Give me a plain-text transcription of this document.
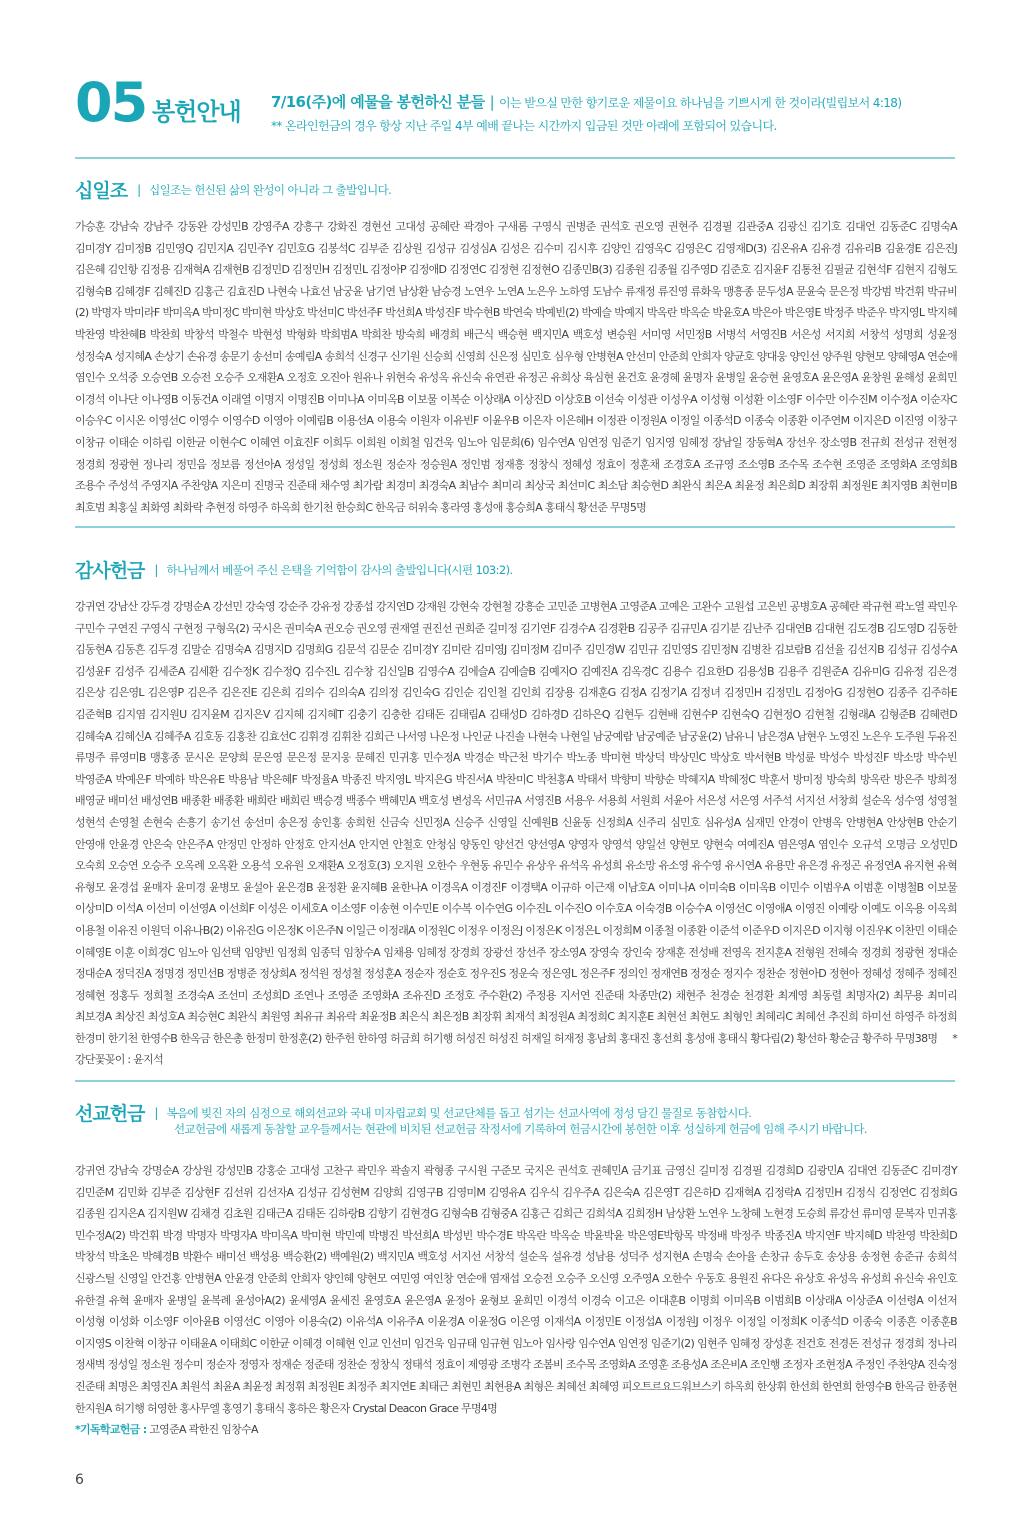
05 봉헌안내 7/16(주)에 예물을 봉헌하신 분들 | 이는 받으실 만한 향기로운 제물이요 하나님을 기쁘시게 한 것이라(빌립보서 4:18)
** 온라인헌금의 경우 항상 지난 주일 4부 예배 끝나는 시간까지 입금된 것만 아래에 포함되어 있습니다.
십일조 | 십일조는 헌신된 삶의 완성이 아니라 그 출발입니다.
가승훈 강남숙 강남주 강동완 강성민B 강영주A 강흥구 강화진 경현선 고대성 공혜란 곽경아 구새롬 구영식 권병준 권석호 권오영 권현주 김경필 김관중A 김광신 김기호 김대언 김동준C 김명숙A 김미경Y 김미정B 김민영Q 김민지A 김민주Y 김민호G 김봉석C 김부준 김상원 김성규 김성심A 김성은 김수미 김시후 김양인 김영옥C 김영은C 김영재D(3) 김온유A 김유경 김유리B 김윤경E 김은진J 김은혜 김인항 김정용 김재혁A 김재현B 김정민D 김정민H 김정민L 김정아P 김정애D 김정연C 김정현 김정현O 김종민B(3) 김종원 김종월 김주영D 김준호 김지윤F 김통천 김필균 김현석F 김현지 김형도 김형숙B 김혜경F 김혜진D 김홍근 김효진D 나현숙 나효선 남궁윤 남기연 남상환 남승경 노연우 노연A 노은우 노하영 도남수 류재정 류진영 류화욱 맹흥종 문두성A 문윤숙 문은정 박강범 박건휘 박규비(2) 박명자 박미라F 박미옥A 박미정C 박미현 박상호 박선미C 박선주F 박선희A 박성진F 박수현B 박연숙 박예빈(2) 박예슬 박예지 박옥란 박옥순 박윤호A 박은아 박은영E 박정주 박준우 박지영L 박지혜 박찬영 박찬혜B 박찬희 박창석 박철수 박현성 박형화 박희범A 박희찬 방숙희 배경희 배근식 백승현 백지민A 백호성 변승원 서미영 서민정B 서병석 서영진B 서은성 서지희 서창석 성명희 성윤정 성정숙A 성지혜A 손상기 손유경 송문기 송선미 송예림A 송희석 신경구 신기원 신승희 신영희 신은정 심민호 심우형 안병현A 안선미 안준희 안희자 양균호 양대웅 양인선 양주원 양현모 양혜영A 연순애 염인수 오석중 오승연B 오승전 오승주 오재환A 오정호 오진아 원유나 위현숙 유성옥 유신숙 유연관 유정곤 유희상 육심현 윤건호 윤경혜 윤명자 윤병일 윤승현 윤영호A 윤은영A 윤창원 윤해성 윤희민 이경석 이나단 이나영B 이동건A 이래열 이명지 이명진B 이미나A 이미옥B 이보물 이복순 이상래A 이상진D 이상호B 이선숙 이성관 이성우A 이성형 이성환 이소영F 이수만 이수진M 이수정A 이순자C 이승우C 이시온 이영선C 이영수 이영수D 이영아 이예림B 이용선A 이용숙 이원자 이유빈F 이윤우B 이은자 이은혜H 이정관 이정원A 이정일 이종석D 이종숙 이종환 이주연M 이지은D 이진영 이창구 이창규 이태순 이하림 이한균 이현수C 이혜연 이효진F 이희두 이희원 이희철 임건욱 임노아 임문희(6) 임수연A 임연정 임준기 임지영 임혜정 장남일 장동혁A 장선우 장소영B 전규희 전성규 전현정 정경희 정광현 정나리 정민음 정보름 정선아A 정성일 정성희 정소원 정순자 정승원A 정인범 정재흥 정창식 정혜성 정효이 정훈채 조경호A 조규영 조소영B 조수목 조수현 조영준 조영화A 조영희B 조용수 주성석 주영지A 주찬양A 지은미 진명국 진준태 채수영 최가람 최경미 최경숙A 최남수 최미리 최상국 최선미C 최소담 최승현D 최완식 최은A 최윤정 최은희D 최장휘 최정원E 최지영B 최현미B 최호범 최홍실 최화영 최화락 추현정 하영주 하옥희 한기천 한승희C 한옥금 허위숙 홍라영 홍성애 홍승희A 홍태식 황선준 무명5명
감사헌금 | 하나님께서 베풀어 주신 은택을 기억함이 감사의 출발입니다(시편 103:2).
강귀연 강남산 강두경 강명순A 강선민 강숙영 강순주 강유정 강종섭 강지연D 강재원 강현숙 강현철 강흥순 고민준 고병현A 고영준A 고예은 고완수 고원섭 고은빈 공병호A 공혜란 곽규현 곽노열 곽민우 구민수 구연진 구영식 구현정 구형옥(2) 국시은 권미숙A 권오승 권오영 권재열 권진선 권희준 길미정 김기연F 김경수A 김경환B 김공주 김규민A 김기분 김난주 김대연B 김대현 김도경B 김도영D 김동한 김동현A 김동흔 김두경 김말순 김명숙A 김명지D 김명희G 김문석 김문순 김미경Y 김미란 김미영J 김미정M 김미주 김민경W 김민규 김민영S 김민정N 김병찬 김보람B 김선율 김선지B 김성규 김성수A 김성윤F 김성주 김세준A 김세환 김수정K 김수정Q 김수진L 김수창 김신일B 김영수A 김에슬A 김예슬B 김예지O 김예진A 김옥경C 김용수 김요한D 김용성B 김용주 김원준A 김유미G 김유정 김은경 김은상 김은영L 김은영P 김은주 김은진E 김은희 김의수 김의숙A 김의정 김인숙G 김인순 김인철 김인희 김장용 김재훈G 김정A 김정기A 김정녀 김정민H 김정민L 김정아G 김정현O 김종주 김주하E 김준혁B 김지염 김지원U 김지윤M 김지은V 김지혜 김지혜T 김충기 김충한 김태돈 김태림A 김태성D 김하경D 김하은Q 김현두 김현배 김현수P 김현숙Q 김현정O 김현철 김형래A 김형준B 김혜련D 김혜숙A 김혜신A 김혜주A 김호동 김홍찬 김효선C 김휘경 김휘찬 김희근 나서영 나은정 나인균 나진솔 나현숙 나현일 남궁예람 남궁예준 남궁윤(2) 남유니 남은경A 남현우 노영진 노은우 도주원 두유진 류명주 류영미B 맹홍종 문시온 문양희 문은영 문은정 문지웅 문혜진 민귀홍 민수정A 박경순 박근천 박기수 박노종 박미현 박상덕 박상민C 박상호 박서현B 박성륜 박성수 박성진F 박소망 박수빈 박영준A 박예은F 박예하 박은유E 박용남 박은혜F 박정율A 박종진 박지영L 박지은G 박진서A 박찬미C 박천홍A 박태서 박향미 박향순 박혜지A 박혜정C 박훈서 방미정 방숙희 방옥란 방은주 방희정 배영균 배미선 배성연B 배종환 배종환 배희란 배희린 백승경 백종수 백혜민A 백호성 변성옥 서민규A 서영진B 서용우 서용희 서원희 서윤아 서은성 서은영 서주석 서지선 서창희 설순옥 성수영 성영철 성현석 손영철 손현숙 손흥기 송기선 송선미 송은정 송인홍 송희헌 신금숙 신민정A 신승주 신영일 신예원B 신윤동 신정희A 신주리 심민호 심유성A 심재민 안경이 안병옥 안병현A 안상현B 안순기 안영애 안윤경 안은숙 안은주A 안정민 안정하 안정호 안지선A 안지연 안철호 안청심 양동인 양선건 양선영A 양영자 양영석 양일선 양현모 양현숙 여예진A 염은영A 염인수 오규석 오명금 오성민D 오숙희 오승연 오승주 오옥례 오옥환 오용석 오유원 오재환A 오정호(3) 오지원 오한수 우현동 유민수 유상우 유석옥 유성희 유소망 유소영 유수영 유시연A 유용만 유은경 유정곤 유정연A 유지현 유혁 유형모 윤경섭 윤매자 윤미경 윤병모 윤설아 윤은경B 윤정환 윤지혜B 윤한나A 이경옥A 이경진F 이경택A 이규하 이근재 이남호A 이미나A 이미숙B 이미옥B 이민수 이범우A 이범훈 이병철B 이보물 이상미D 이석A 이선미 이선영A 이선희F 이성은 이세호A 이소영F 이송현 이수민E 이수복 이수연G 이수진L 이수진O 이수호A 이숙경B 이승수A 이영선C 이영애A 이영진 이예랑 이예도 이옥용 이옥희 이용철 이유진 이원덕 이유나B(2) 이유진G 이은정K 이은주N 이일근 이정래A 이정원C 이정우 이정은J 이정은K 이정은L 이정희M 이종철 이종환 이준석 이준우D 이지은D 이지형 이진우K 이찬민 이태순 이혜영E 이훈 이희경C 임노아 임선택 임양빈 임정희 임종덕 임창수A 임채용 임혜정 장경희 장광선 장선주 장소영A 장영숙 장인숙 장재훈 전성배 전영옥 전지훈A 전형원 전혜숙 정경희 정광현 정대순 정대순A 정덕진A 정명경 정민선B 정병준 정상희A 정석원 정성철 정성훈A 정순자 정순호 정우진S 정운숙 정은영L 정은주F 정의인 정재연B 정정순 정지수 정찬순 정현아D 정현아 정혜성 정혜주 정혜진 정혜현 정홍두 정희철 조경숙A 조선미 조성희D 조연나 조영준 조영화A 조유진D 조정호 주수환(2) 주정용 지서연 진준태 차종만(2) 채현주 천경순 천경환 최계영 최동렬 최명자(2) 최무용 최미리 최보경A 최상진 최성호A 최승현C 최완식 최원영 최유규 최유락 최윤정B 최은식 최은정B 최장휘 최재석 최정원A 최정희C 최지훈E 최현선 최현도 최형인 최혜리C 최혜선 추진희 하미선 하영주 하정희 한경미 한기천 한영수B 한옥금 한은총 한정미 한정훈(2) 한주헌 한하영 허금희 허기행 허성진 허성진 허재일 허재정 홍남희 홍대진 홍선희 홍성애 홍태식 황다림(2) 황선하 황순금 황주하 무명38명 *강단꽃꽂이 : 윤지석
선교헌금 | 복음에 빚진 자의 심정으로 해외선교와 국내 미자립교회 및 선교단체를 돕고 섬기는 선교사역에 정성 담긴 물질로 동참합시다.
선교헌금에 새롭게 동참할 교우들께서는 현관에 비치된 선교헌금 작정서에 기록하여 헌금시간에 봉헌한 이후 성실하게 헌금에 임해 주시기 바랍니다.
강귀연 강남숙 강명순A 강상원 강성민B 강홍순 고대성 고찬구 곽민우 곽솔지 곽형종 구시원 구준모 국지은 권석호 권혜민A 금기표 금영신 길미정 김경필 김경희D 김광민A 김대연 김동준C 김미경Y 김민준M 김민화 김부준 김상현F 김선위 김선자A 김성규 김성현M 김양희 김영구B 김영미M 김영유A 김우식 김우주A 김은숙A 김은영T 김은하D 김재혁A 김정락A 김정민H 김정식 김정연C 김정희G 김종원 김지은A 김지원W 김채경 김초원 김태근A 김태돈 김하랑B 김향기 김현경G 김형숙B 김형중A 김홍근 김희근 김희석A 김희정H 남상환 노연우 노창혜 노현경 도승희 류강선 류미영 문복자 민귀홍 민수정A(2) 박건휘 박경 박명자 박명자A 박미옥A 박미현 박민예 박병진 박선희A 박성빈 박수경E 박옥란 박옥순 박윤박윤 박은영E박항목 박정배 박정주 박종진A 박지연F 박지혜D 박찬영 박찬희D 박창석 박초은 박혜경B 박환수 배미선 백성용 백승환(2) 백예원(2) 백지민A 백호성 서지선 서창석 설순옥 설유경 성남용 성덕주 성지현A 손명숙 손아율 손창규 송두호 송상용 송정현 송준규 송희석 신광스틸 신영일 안건홍 안병현A 안윤경 안준희 안희자 양인혜 양현모 여민영 여인창 연순애 염재섭 오승전 오승주 오신영 오주영A 오한수 우동호 용원진 유다은 유상호 유성옥 유성희 유신숙 유인호 유한결 유혁 윤매자 윤병일 윤복례 윤성아A(2) 윤세영A 윤세진 윤영호A 윤은영A 윤정아 윤형보 윤희민 이경석 이경숙 이고은 이대훈B 이명희 이미옥B 이범희B 이상래A 이상준A 이선령A 이선저 이성형 이성화 이소영F 이아윤B 이영선C 이영아 이용숙(2) 이유석A 이유주A 이윤경A 이윤정G 이은영 이재석A 이정민E 이정섭A 이정원J 이정우 이정일 이정희K 이종석D 이종숙 이종흔 이종훈B 이지영S 이찬혁 이창규 이태윤A 이태희C 이한균 이혜경 이혜현 인교 인선미 임건욱 임규태 임규현 임노아 임사랑 임수연A 임연정 임준기(2) 임현주 임혜정 장성훈 전건호 전경돈 전성규 정경희 정나리 정새벽 정성일 정소원 정수미 정순자 정영자 정재순 정준태 정찬순 정창식 정태석 정효이 제영광 조병각 조봄비 조수목 조영화A 조영훈 조용성A 조은비A 조인행 조정자 조현정A 주정인 주찬양A 진숙정 진준태 최명은 최영진A 최원석 최윤A 최윤정 최정휘 최정원E 최정주 최지연E 최태근 최현민 최현용A 최형은 최혜선 최혜영 피오트르요드워브스키 하옥희 한상휘 한선희 한연희 한영수B 한옥금 한종현 한지원A 허기행 허영한 홍사무엘 홍영기 홍태식 홍하은 황은자 Crystal Deacon Grace 무명4명
*기독학교헌금 : 고영준A 곽한진 임창수A
6
